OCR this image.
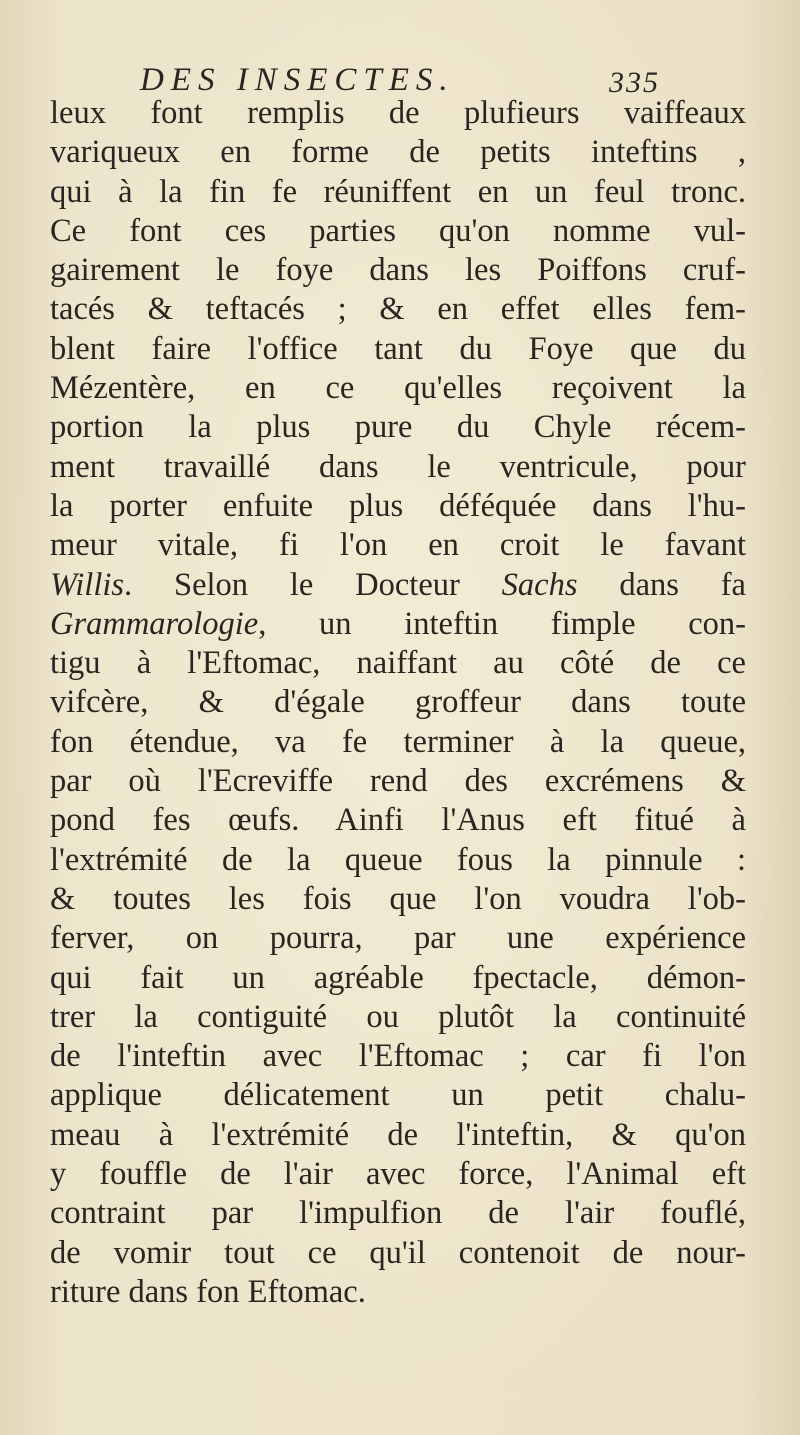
DES INSECTES.	335
leux font remplis de plufieurs vaiffeaux
variqueux en forme de petits inteftins ,
qui à la fin fe réuniffent en un feul tronc.
Ce font ces parties qu'on nomme vul-
gairement le foye dans les Poiffons cruf-
tacés & teftacés ; & en effet elles fem-
blent faire l'office tant du Foye que du
Mézentère, en ce qu'elles reçoivent la
portion la plus pure du Chyle récem-
ment travaillé dans le ventricule, pour
la porter enfuite plus déféquée dans l'hu-
meur vitale, fi l'on en croit le favant
Willis. Selon le Docteur Sachs dans fa
Grammarologie, un inteftin fimple con-
tigu à l'Eftomac, naiffant au côté de ce
vifcère, & d'égale groffeur dans toute
fon étendue, va fe terminer à la queue,
par où l'Ecreviffe rend des excrémens &
pond fes œufs. Ainfi l'Anus eft fitué à
l'extrémité de la queue fous la pinnule :
& toutes les fois que l'on voudra l'ob-
ferver, on pourra, par une expérience
qui fait un agréable fpectacle, démon-
trer la contiguité ou plutôt la continuité
de l'inteftin avec l'Eftomac ; car fi l'on
applique délicatement un petit chalu-
meau à l'extrémité de l'inteftin, & qu'on
y fouffle de l'air avec force, l'Animal eft
contraint par l'impulfion de l'air fouflé,
de vomir tout ce qu'il contenoit de nour-
riture dans fon Eftomac.
